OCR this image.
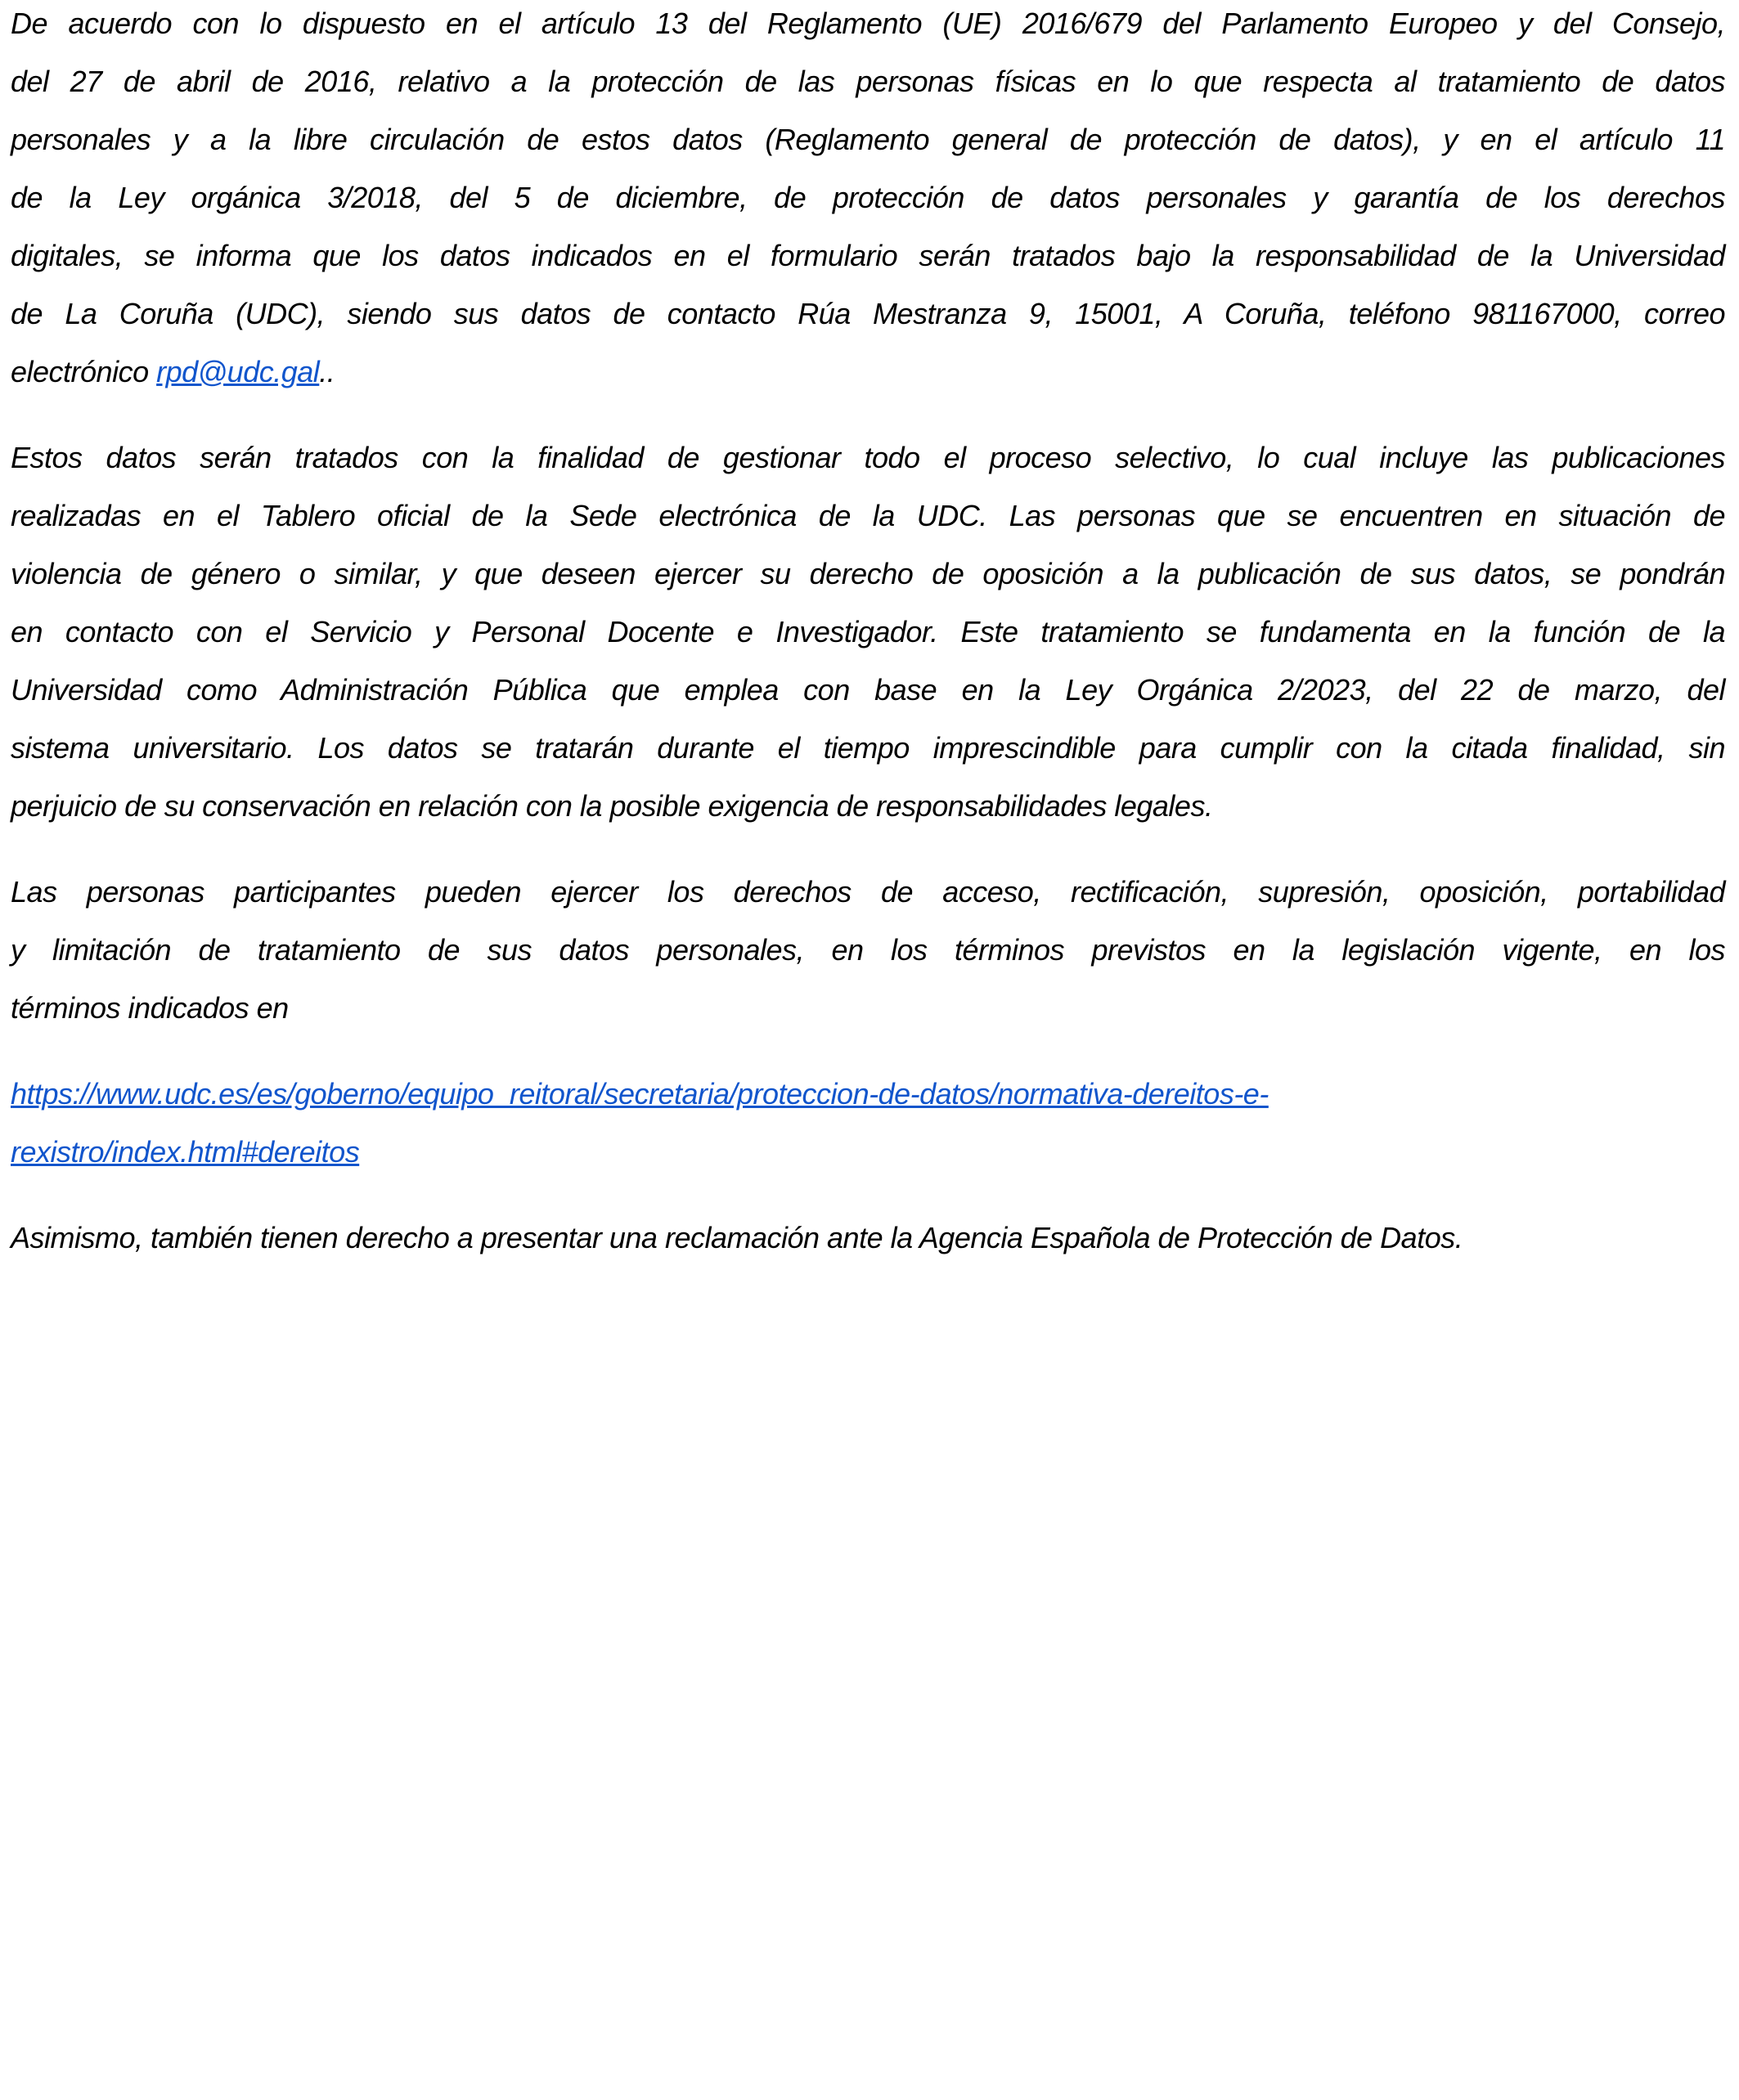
De acuerdo con lo dispuesto en el artículo 13 del Reglamento (UE) 2016/679 del Parlamento Europeo y del Consejo,
del 27 de abril de 2016, relativo a la protección de las personas físicas en lo que respecta al tratamiento de datos
personales y a la libre circulación de estos datos (Reglamento general de protección de datos), y en el artículo 11
de la Ley orgánica 3/2018, del 5 de diciembre, de protección de datos personales y garantía de los derechos
digitales, se informa que los datos indicados en el formulario serán tratados bajo la responsabilidad de la Universidad
de La Coruña (UDC), siendo sus datos de contacto Rúa Mestranza 9, 15001, A Coruña, teléfono 981167000, correo
electrónico rpd@udc.gal..
Estos datos serán tratados con la finalidad de gestionar todo el proceso selectivo, lo cual incluye las publicaciones
realizadas en el Tablero oficial de la Sede electrónica de la UDC. Las personas que se encuentren en situación de
violencia de género o similar, y que deseen ejercer su derecho de oposición a la publicación de sus datos, se pondrán
en contacto con el Servicio y Personal Docente e Investigador. Este tratamiento se fundamenta en la función de la
Universidad como Administración Pública que emplea con base en la Ley Orgánica 2/2023, del 22 de marzo, del
sistema universitario. Los datos se tratarán durante el tiempo imprescindible para cumplir con la citada finalidad, sin
perjuicio de su conservación en relación con la posible exigencia de responsabilidades legales.
Las personas participantes pueden ejercer los derechos de acceso, rectificación, supresión, oposición, portabilidad
y limitación de tratamiento de sus datos personales, en los términos previstos en la legislación vigente, en los
términos indicados en
https://www.udc.es/es/goberno/equipo_reitoral/secretaria/proteccion-de-datos/normativa-dereitos-e-
rexistro/index.html#dereitos
Asimismo, también tienen derecho a presentar una reclamación ante la Agencia Española de Protección de Datos.
